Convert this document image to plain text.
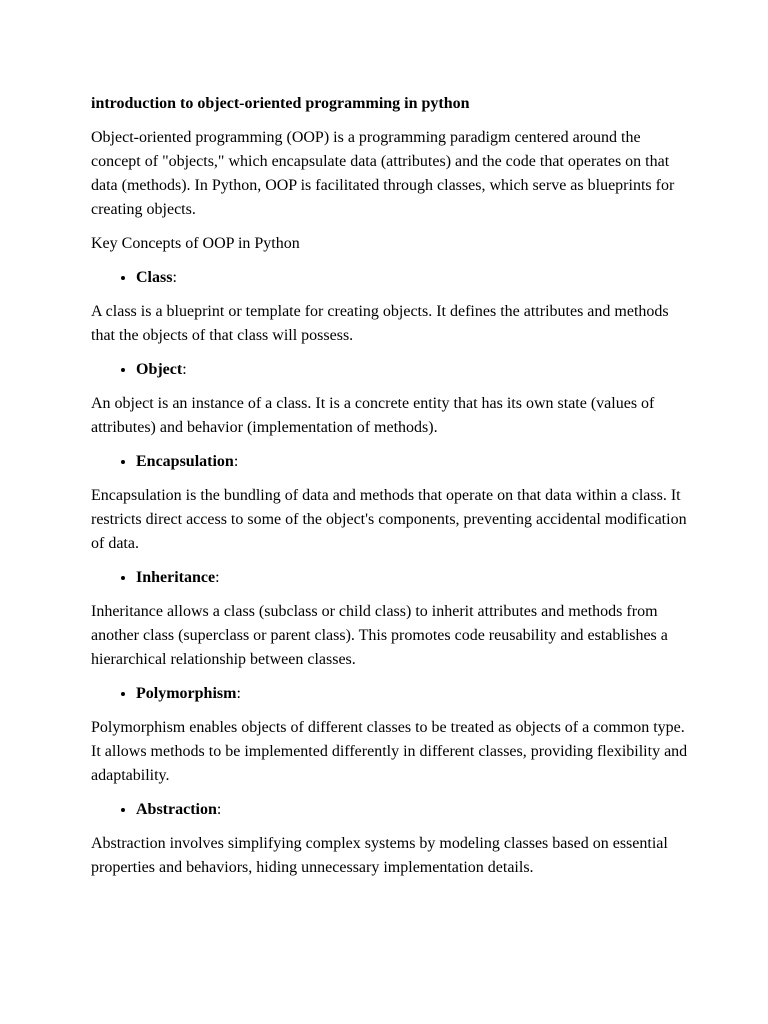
introduction to object-oriented programming in python

Object-oriented programming (OOP) is a programming paradigm centered around the concept of "objects," which encapsulate data (attributes) and the code that operates on that data (methods). In Python, OOP is facilitated through classes, which serve as blueprints for creating objects.

Key Concepts of OOP in Python

• Class:

A class is a blueprint or template for creating objects. It defines the attributes and methods that the objects of that class will possess.

• Object:

An object is an instance of a class. It is a concrete entity that has its own state (values of attributes) and behavior (implementation of methods).

• Encapsulation:

Encapsulation is the bundling of data and methods that operate on that data within a class. It restricts direct access to some of the object's components, preventing accidental modification of data.

• Inheritance:

Inheritance allows a class (subclass or child class) to inherit attributes and methods from another class (superclass or parent class). This promotes code reusability and establishes a hierarchical relationship between classes.

• Polymorphism:

Polymorphism enables objects of different classes to be treated as objects of a common type. It allows methods to be implemented differently in different classes, providing flexibility and adaptability.

• Abstraction:

Abstraction involves simplifying complex systems by modeling classes based on essential properties and behaviors, hiding unnecessary implementation details.
